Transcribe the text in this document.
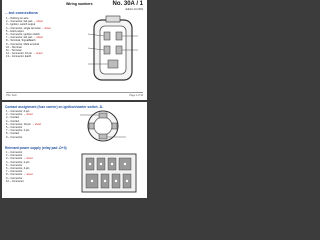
Wiring numbers	No. 30A / 1
Edition 10.2016
…ted connections
1 – Nothing on-wire
2 – Connector, tab part → sheet
3 – Ignition, switch output
4 – Connector, single terminal → sheet
5 – Hold output
6 – Connector, ignition switch
7 – Connector, tab part → sheet
8 – Terminal, Signal/Earth
9 – Connector, Multi terminal
10 – Terminal
11 – Terminal
12 – Connector, 10 pin → sheet
13 – Connector, Earth
VW / Audi	Page 1 of 16
Contact assignment (fuse carrier) on ignition/starter switch -D-
1 – Connector, 6-pin
2 – Connector → sheet
3 – Contact
4 – Contact
5 – Connector, 10-pin → sheet
6 – Connector
7 – Connector, 2-pin
8 – Contact
9 – Connector
Relevant power supply (relay pad -D+3)
1 – Connector
2 – Connector
3 – Connector → sheet
4 – Connector, 2-pin
5 – Connector
6 – Connector, 4-pin
7 – Connector
8 – Connector → sheet
9 – Connector
10 – Connector
